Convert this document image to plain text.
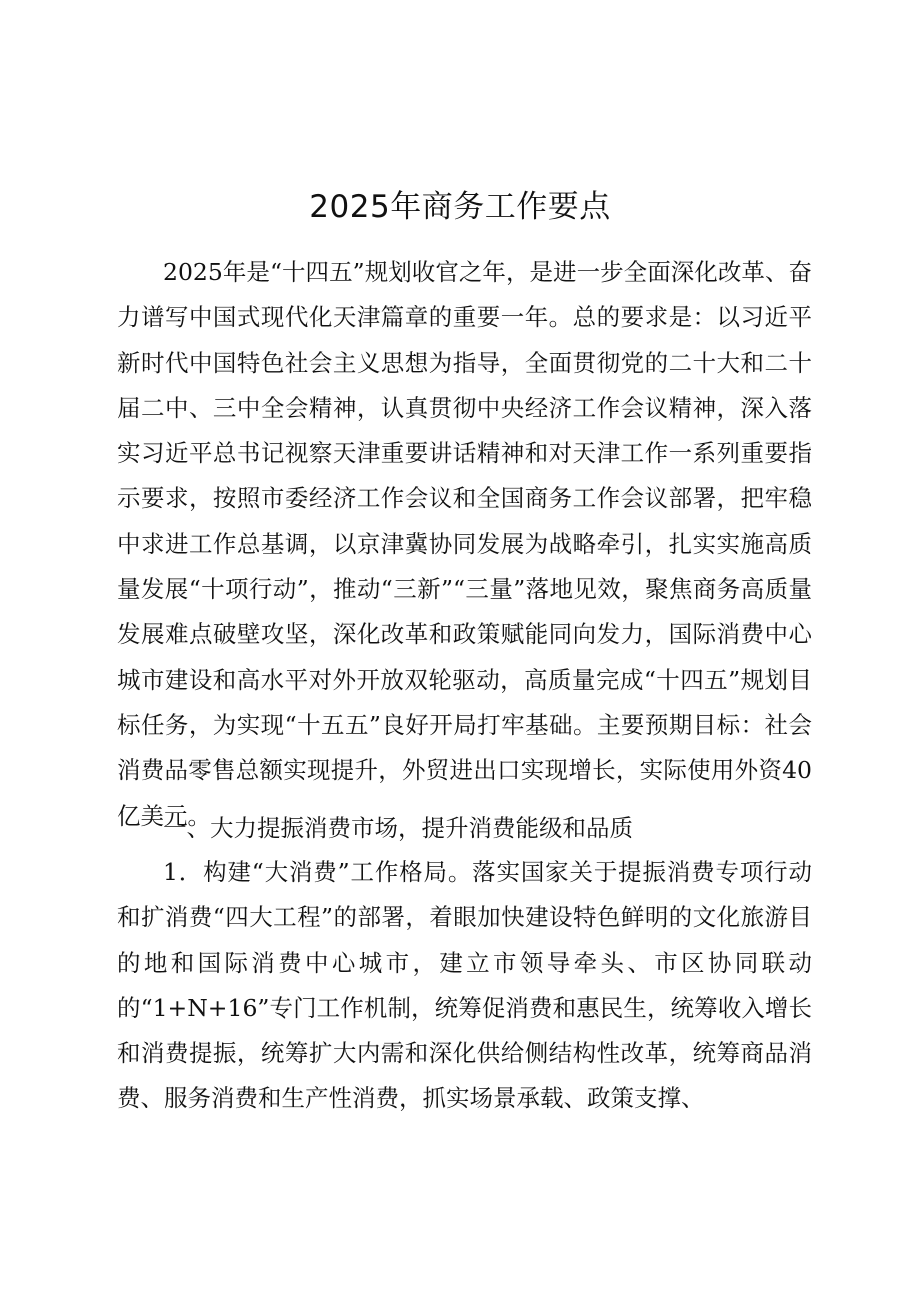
2025年商务工作要点

2025年是“十四五”规划收官之年，是进一步全面深化改革、奋力谱写中国式现代化天津篇章的重要一年。总的要求是：以习近平新时代中国特色社会主义思想为指导，全面贯彻党的二十大和二十届二中、三中全会精神，认真贯彻中央经济工作会议精神，深入落实习近平总书记视察天津重要讲话精神和对天津工作一系列重要指示要求，按照市委经济工作会议和全国商务工作会议部署，把牢稳中求进工作总基调，以京津冀协同发展为战略牵引，扎实实施高质量发展“十项行动”，推动“三新”“三量”落地见效，聚焦商务高质量发展难点破壁攻坚，深化改革和政策赋能同向发力，国际消费中心城市建设和高水平对外开放双轮驱动，高质量完成“十四五”规划目标任务，为实现“十五五”良好开局打牢基础。主要预期目标：社会消费品零售总额实现提升，外贸进出口实现增长，实际使用外资40亿美元。

一、大力提振消费市场，提升消费能级和品质

1．构建“大消费”工作格局。落实国家关于提振消费专项行动和扩消费“四大工程”的部署，着眼加快建设特色鲜明的文化旅游目的地和国际消费中心城市，建立市领导牵头、市区协同联动的“1+N+16”专门工作机制，统筹促消费和惠民生，统筹收入增长和消费提振，统筹扩大内需和深化供给侧结构性改革，统筹商品消费、服务消费和生产性消费，抓实场景承载、政策支撑、
